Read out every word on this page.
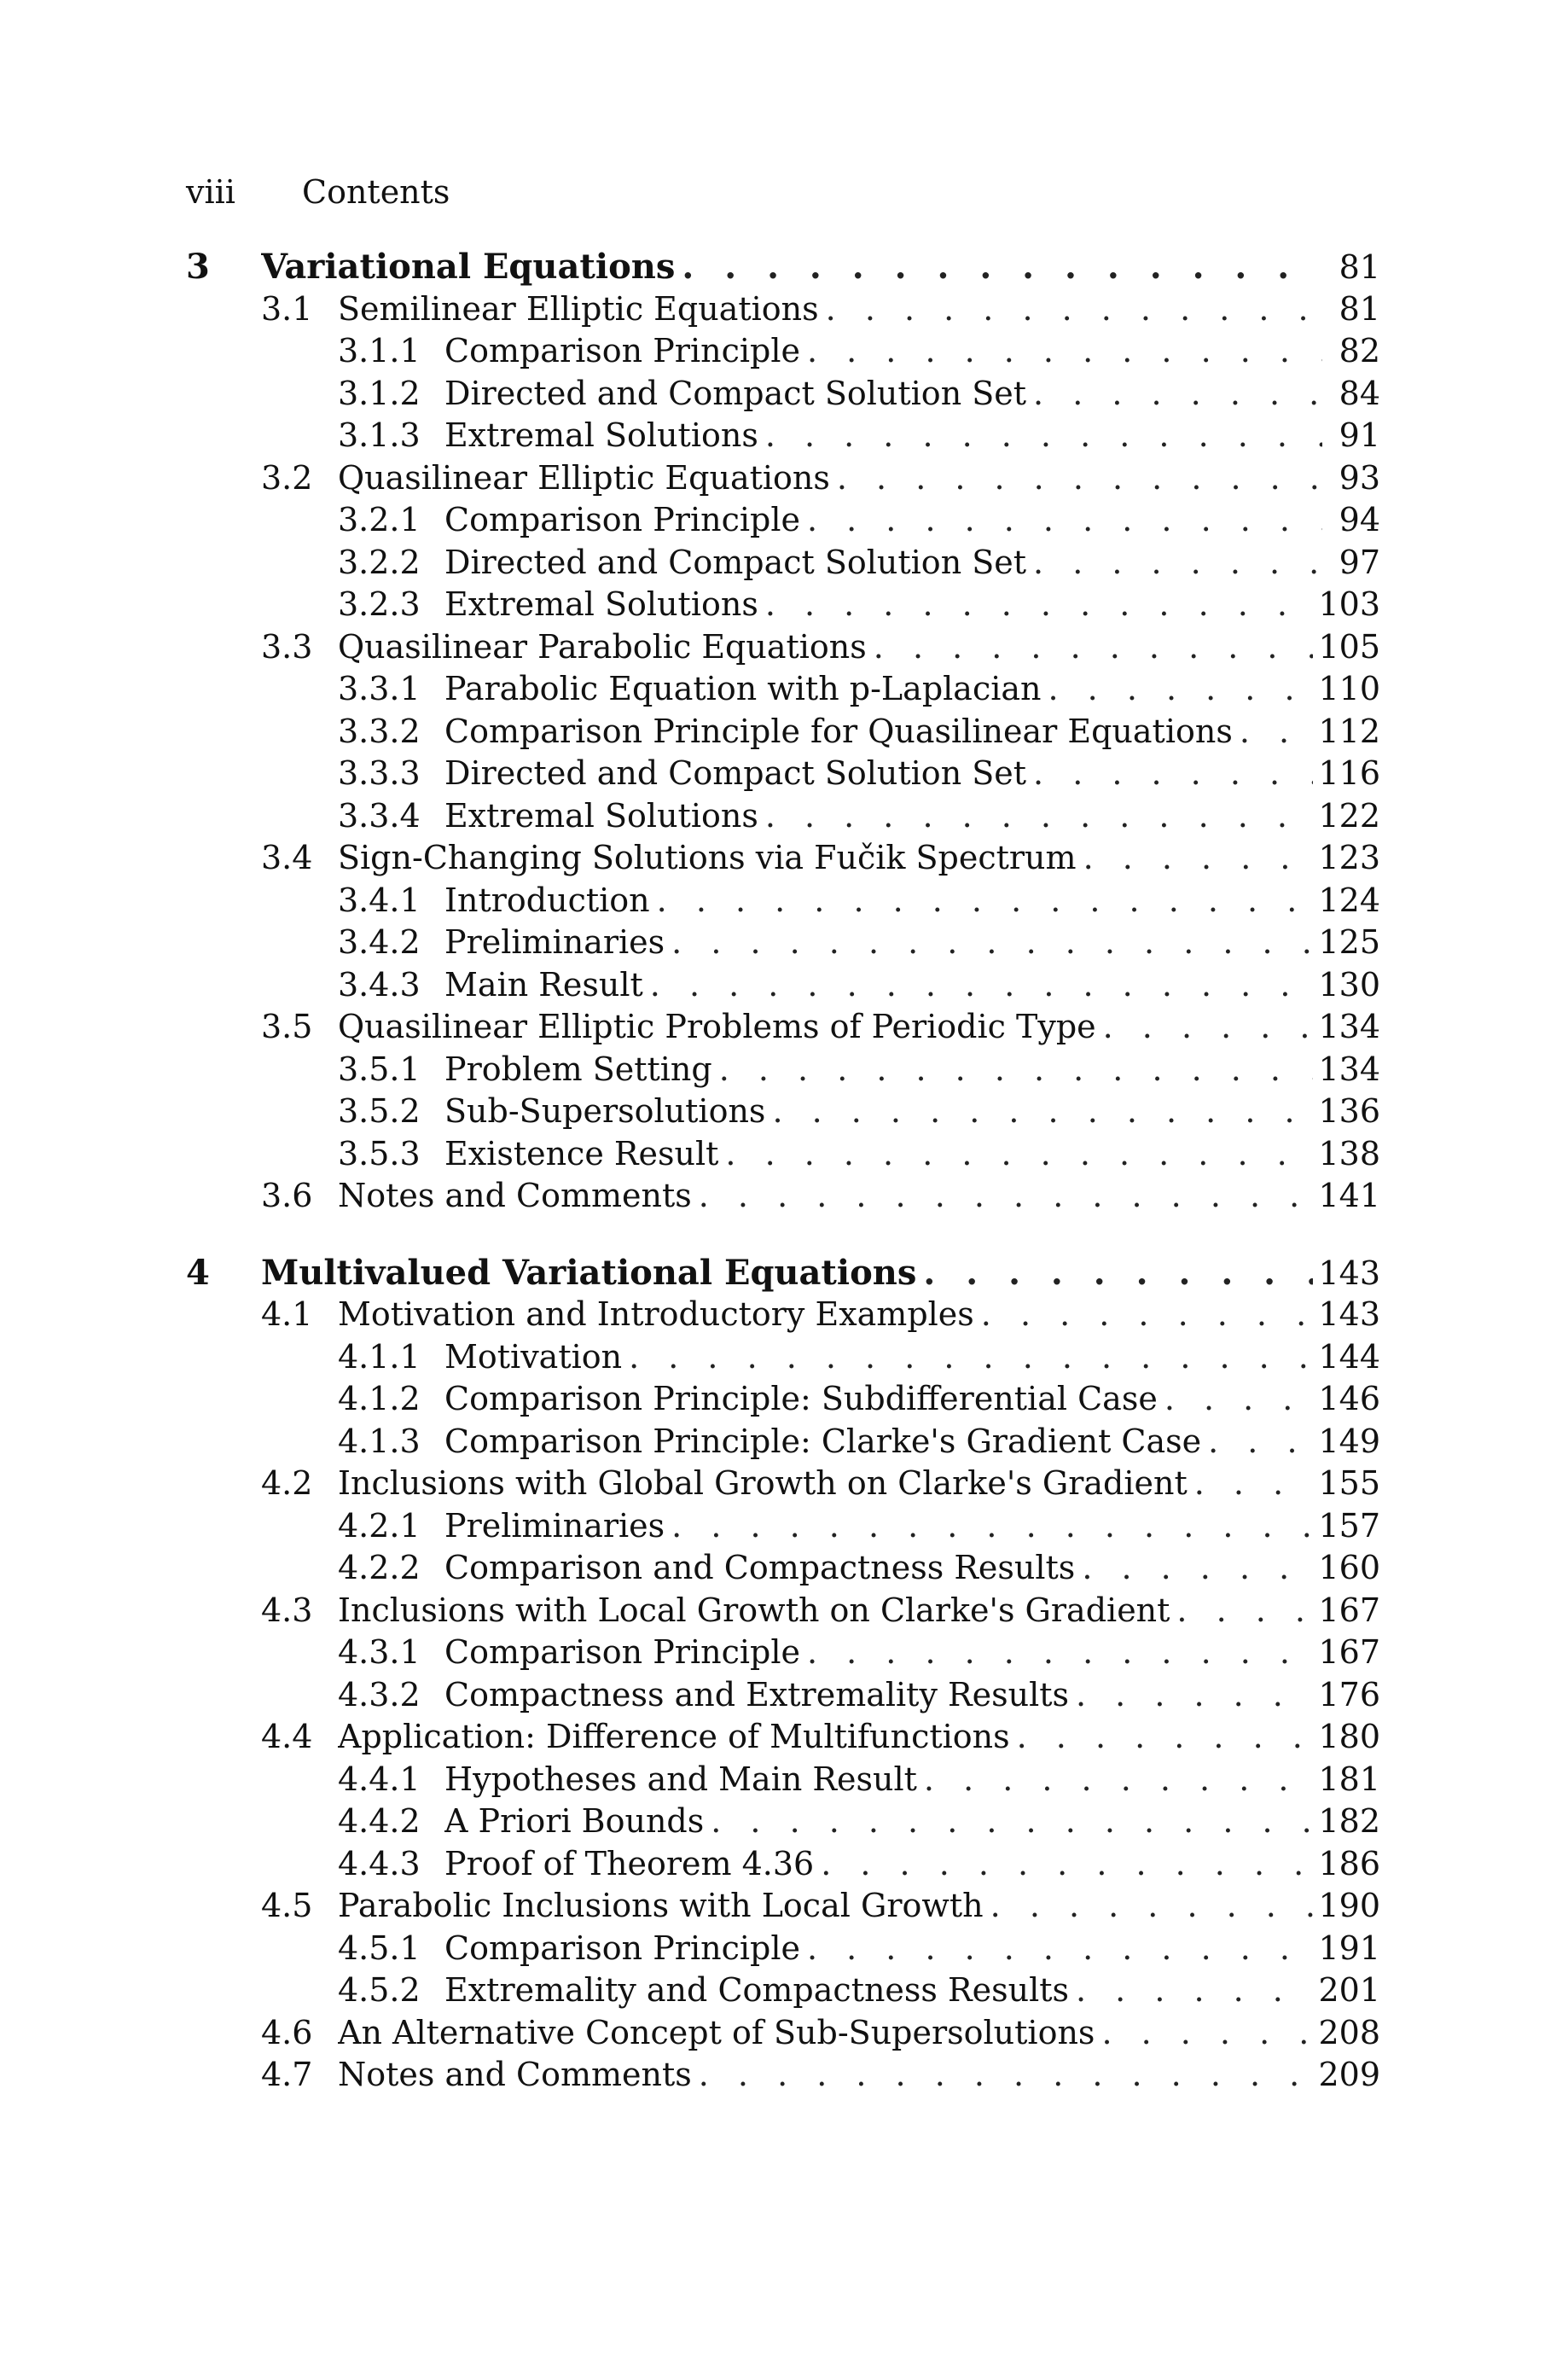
viii Contents
3 Variational Equations . . .	81
3.1 Semilinear Elliptic Equations . . .	81
3.1.1 Comparison Principle . . .	82
3.1.2 Directed and Compact Solution Set . . .	84
3.1.3 Extremal Solutions . . .	91
3.2 Quasilinear Elliptic Equations . . .	93
3.2.1 Comparison Principle . . .	94
3.2.2 Directed and Compact Solution Set . . .	97
3.2.3 Extremal Solutions . . .	103
3.3 Quasilinear Parabolic Equations . . .	105
3.3.1 Parabolic Equation with p-Laplacian . . .	110
3.3.2 Comparison Principle for Quasilinear Equations . . .	112
3.3.3 Directed and Compact Solution Set . . .	116
3.3.4 Extremal Solutions . . .	122
3.4 Sign-Changing Solutions via Fučik Spectrum . . .	123
3.4.1 Introduction . . .	124
3.4.2 Preliminaries . . .	125
3.4.3 Main Result . . .	130
3.5 Quasilinear Elliptic Problems of Periodic Type . . .	134
3.5.1 Problem Setting . . .	134
3.5.2 Sub-Supersolutions . . .	136
3.5.3 Existence Result . . .	138
3.6 Notes and Comments . . .	141
4 Multivalued Variational Equations . . .	143
4.1 Motivation and Introductory Examples . . .	143
4.1.1 Motivation . . .	144
4.1.2 Comparison Principle: Subdifferential Case . . .	146
4.1.3 Comparison Principle: Clarke's Gradient Case . . .	149
4.2 Inclusions with Global Growth on Clarke's Gradient . . .	155
4.2.1 Preliminaries . . .	157
4.2.2 Comparison and Compactness Results . . .	160
4.3 Inclusions with Local Growth on Clarke's Gradient . . .	167
4.3.1 Comparison Principle . . .	167
4.3.2 Compactness and Extremality Results . . .	176
4.4 Application: Difference of Multifunctions . . .	180
4.4.1 Hypotheses and Main Result . . .	181
4.4.2 A Priori Bounds . . .	182
4.4.3 Proof of Theorem 4.36 . . .	186
4.5 Parabolic Inclusions with Local Growth . . .	190
4.5.1 Comparison Principle . . .	191
4.5.2 Extremality and Compactness Results . . .	201
4.6 An Alternative Concept of Sub-Supersolutions . . .	208
4.7 Notes and Comments . . .	209
